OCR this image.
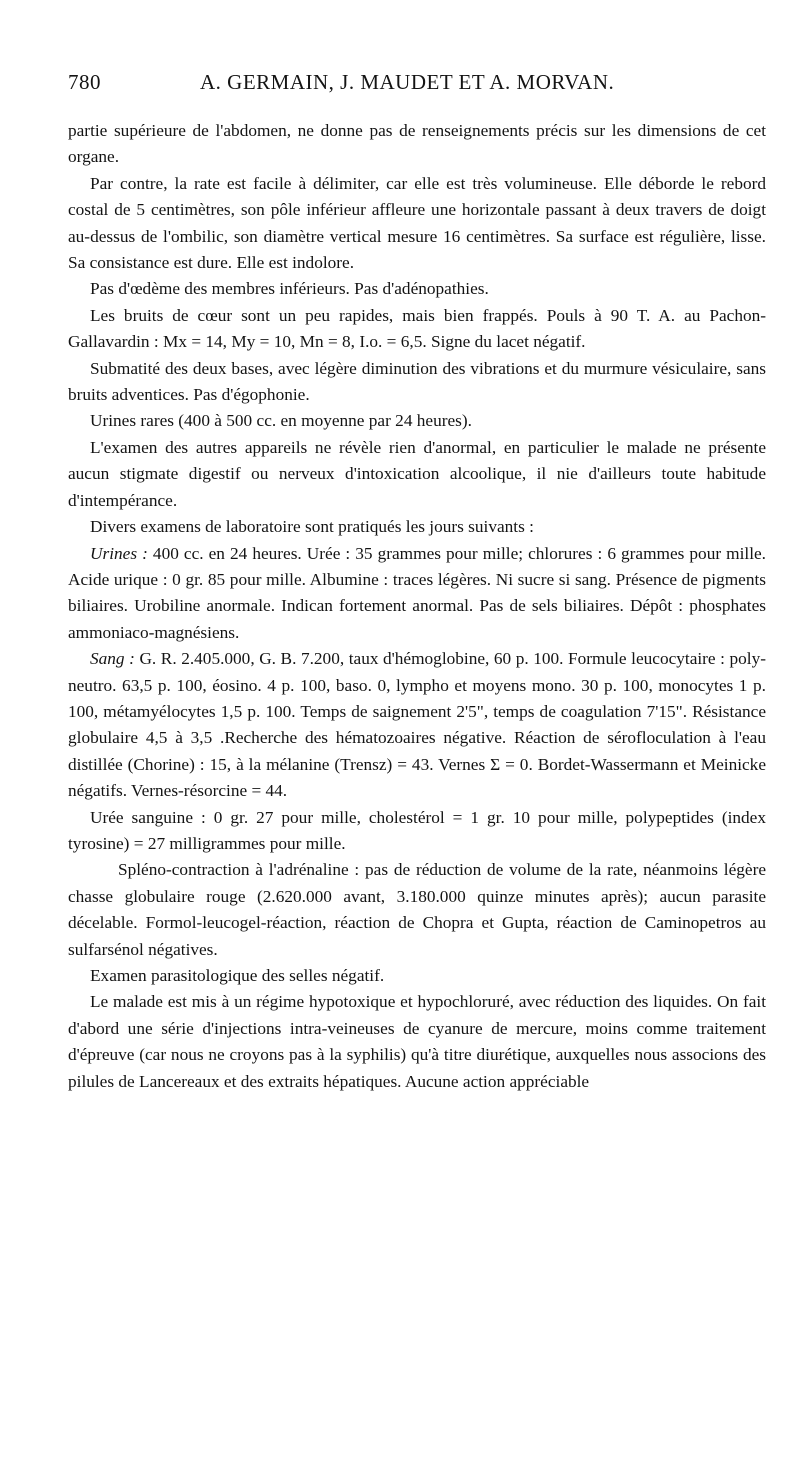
780	A. GERMAIN, J. MAUDET ET A. MORVAN.

partie supérieure de l'abdomen, ne donne pas de renseignements précis sur les dimensions de cet organe.

Par contre, la rate est facile à délimiter, car elle est très volumineuse. Elle déborde le rebord costal de 5 centimètres, son pôle inférieur affleure une horizontale passant à deux travers de doigt au-dessus de l'ombilic, son diamètre vertical mesure 16 centimètres. Sa surface est régulière, lisse. Sa consistance est dure. Elle est indolore.

Pas d'œdème des membres inférieurs. Pas d'adénopathies.

Les bruits de cœur sont un peu rapides, mais bien frappés. Pouls à 90 T. A. au Pachon-Gallavardin : Mx = 14, My = 10, Mn = 8, I.o. = 6,5. Signe du lacet négatif.

Submatité des deux bases, avec légère diminution des vibrations et du murmure vésiculaire, sans bruits adventices. Pas d'égophonie.

Urines rares (400 à 500 cc. en moyenne par 24 heures).

L'examen des autres appareils ne révèle rien d'anormal, en particulier le malade ne présente aucun stigmate digestif ou nerveux d'intoxication alcoolique, il nie d'ailleurs toute habitude d'intempérance.

Divers examens de laboratoire sont pratiqués les jours suivants :

Urines : 400 cc. en 24 heures. Urée : 35 grammes pour mille; chlorures : 6 grammes pour mille. Acide urique : 0 gr. 85 pour mille. Albumine : traces légères. Ni sucre si sang. Présence de pigments biliaires. Urobiline anormale. Indican fortement anormal. Pas de sels biliaires. Dépôt : phosphates ammoniaco-magnésiens.

Sang : G. R. 2.405.000, G. B. 7.200, taux d'hémoglobine, 60 p. 100. Formule leucocytaire : poly-neutro. 63,5 p. 100, éosino. 4 p. 100, baso. 0, lympho et moyens mono. 30 p. 100, monocytes 1 p. 100, métamyélocytes 1,5 p. 100. Temps de saignement 2'5", temps de coagulation 7'15". Résistance globulaire 4,5 à 3,5 .Recherche des hématozoaires négative. Réaction de sérofloculation à l'eau distillée (Chorine) : 15, à la mélanine (Trensz) = 43. Vernes Σ = 0. Bordet-Wassermann et Meinicke négatifs. Vernes-résorcine = 44.

Urée sanguine : 0 gr. 27 pour mille, cholestérol = 1 gr. 10 pour mille, polypeptides (index tyrosine) = 27 milligrammes pour mille.

Spléno-contraction à l'adrénaline : pas de réduction de volume de la rate, néanmoins légère chasse globulaire rouge (2.620.000 avant, 3.180.000 quinze minutes après); aucun parasite décelable. Formol-leucogel-réaction, réaction de Chopra et Gupta, réaction de Caminopetros au sulfarsénol négatives.

Examen parasitologique des selles négatif.

Le malade est mis à un régime hypotoxique et hypochloruré, avec réduction des liquides. On fait d'abord une série d'injections intra-veineuses de cyanure de mercure, moins comme traitement d'épreuve (car nous ne croyons pas à la syphilis) qu'à titre diurétique, auxquelles nous associons des pilules de Lancereaux et des extraits hépatiques. Aucune action appréciable
